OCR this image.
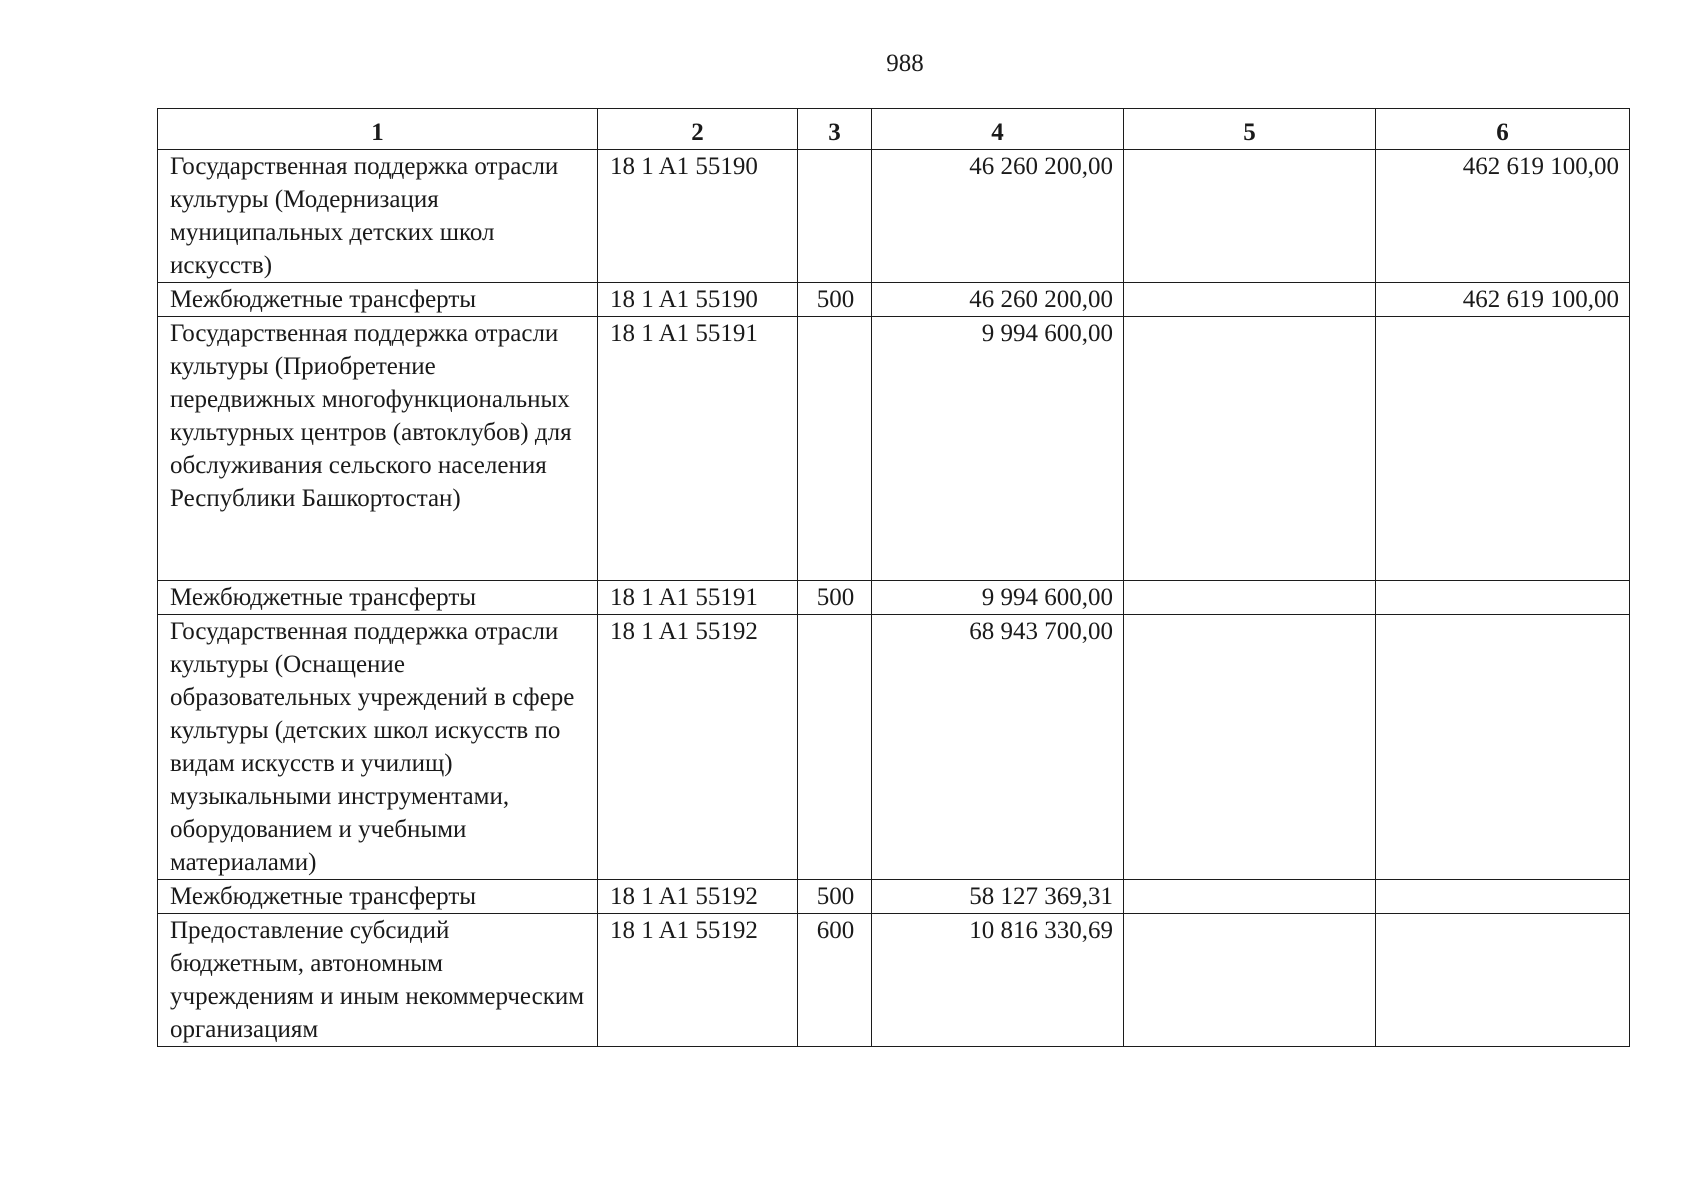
988
1	2	3	4	5	6
Государственная поддержка отрасли культуры (Модернизация муниципальных детских школ искусств)	18 1 A1 55190		46 260 200,00		462 619 100,00
Межбюджетные трансферты	18 1 A1 55190	500	46 260 200,00		462 619 100,00
Государственная поддержка отрасли культуры (Приобретение передвижных многофункциональных культурных центров (автоклубов) для обслуживания сельского населения Республики Башкортостан)	18 1 A1 55191		9 994 600,00		
Межбюджетные трансферты	18 1 A1 55191	500	9 994 600,00		
Государственная поддержка отрасли культуры (Оснащение образовательных учреждений в сфере культуры (детских школ искусств по видам искусств и училищ) музыкальными инструментами, оборудованием и учебными материалами)	18 1 A1 55192		68 943 700,00		
Межбюджетные трансферты	18 1 A1 55192	500	58 127 369,31		
Предоставление субсидий бюджетным, автономным учреждениям и иным некоммерческим организациям	18 1 A1 55192	600	10 816 330,69		
